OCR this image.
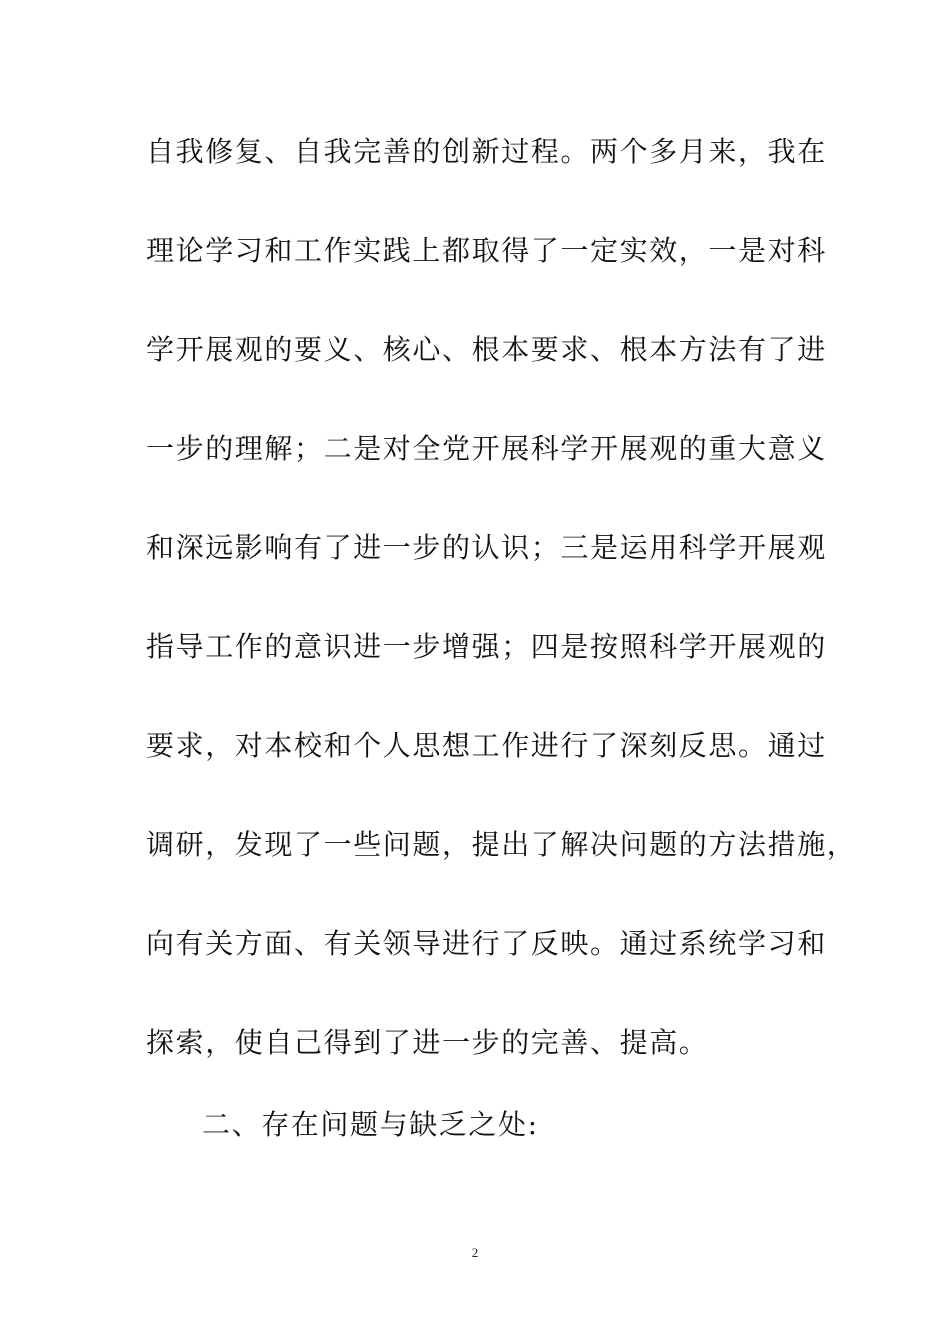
自我修复、自我完善的创新过程。两个多月来，我在
理论学习和工作实践上都取得了一定实效，一是对科
学开展观的要义、核心、根本要求、根本方法有了进
一步的理解；二是对全党开展科学开展观的重大意义
和深远影响有了进一步的认识；三是运用科学开展观
指导工作的意识进一步增强；四是按照科学开展观的
要求，对本校和个人思想工作进行了深刻反思。通过
调研，发现了一些问题，提出了解决问题的方法措施，
向有关方面、有关领导进行了反映。通过系统学习和
探索，使自己得到了进一步的完善、提高。
二、存在问题与缺乏之处:
2
